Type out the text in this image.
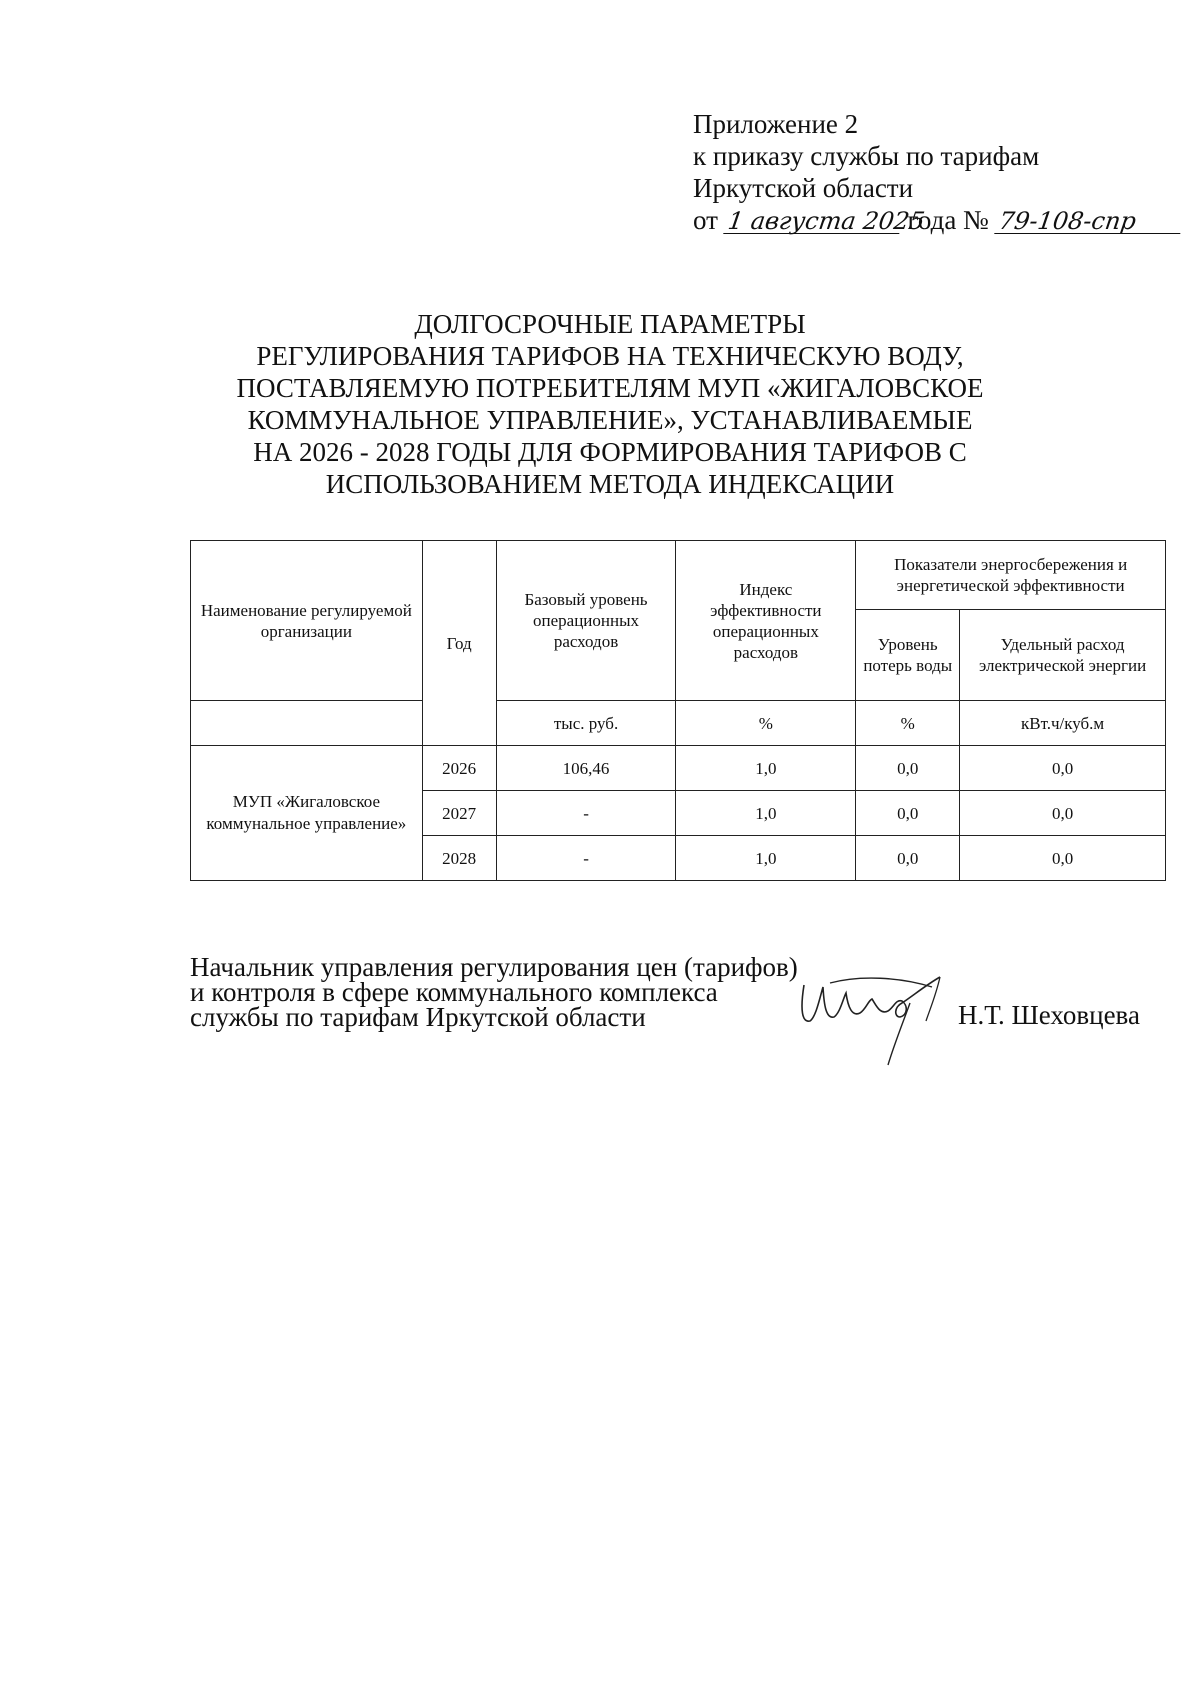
Приложение 2
к приказу службы по тарифам
Иркутской области
от 1 августа 2025 года № 79-108-спр
ДОЛГОСРОЧНЫЕ ПАРАМЕТРЫ
РЕГУЛИРОВАНИЯ ТАРИФОВ НА ТЕХНИЧЕСКУЮ ВОДУ,
ПОСТАВЛЯЕМУЮ ПОТРЕБИТЕЛЯМ МУП «ЖИГАЛОВСКОЕ
КОММУНАЛЬНОЕ УПРАВЛЕНИЕ», УСТАНАВЛИВАЕМЫЕ
НА 2026 - 2028 ГОДЫ ДЛЯ ФОРМИРОВАНИЯ ТАРИФОВ С
ИСПОЛЬЗОВАНИЕМ МЕТОДА ИНДЕКСАЦИИ
Наименование регулируемой организации	Год	Базовый уровень операционных расходов	Индекс эффективности операционных расходов	Показатели энергосбережения и энергетической эффективности	
				Уровень потерь воды	Удельный расход электрической энергии
		тыс. руб.	%	%	кВт.ч/куб.м
МУП «Жигаловское коммунальное управление»	2026	106,46	1,0	0,0	0,0
	2027	-	1,0	0,0	0,0
	2028	-	1,0	0,0	0,0
Начальник управления регулирования цен (тарифов)
и контроля в сфере коммунального комплекса
службы по тарифам Иркутской области	Н.Т. Шеховцева
